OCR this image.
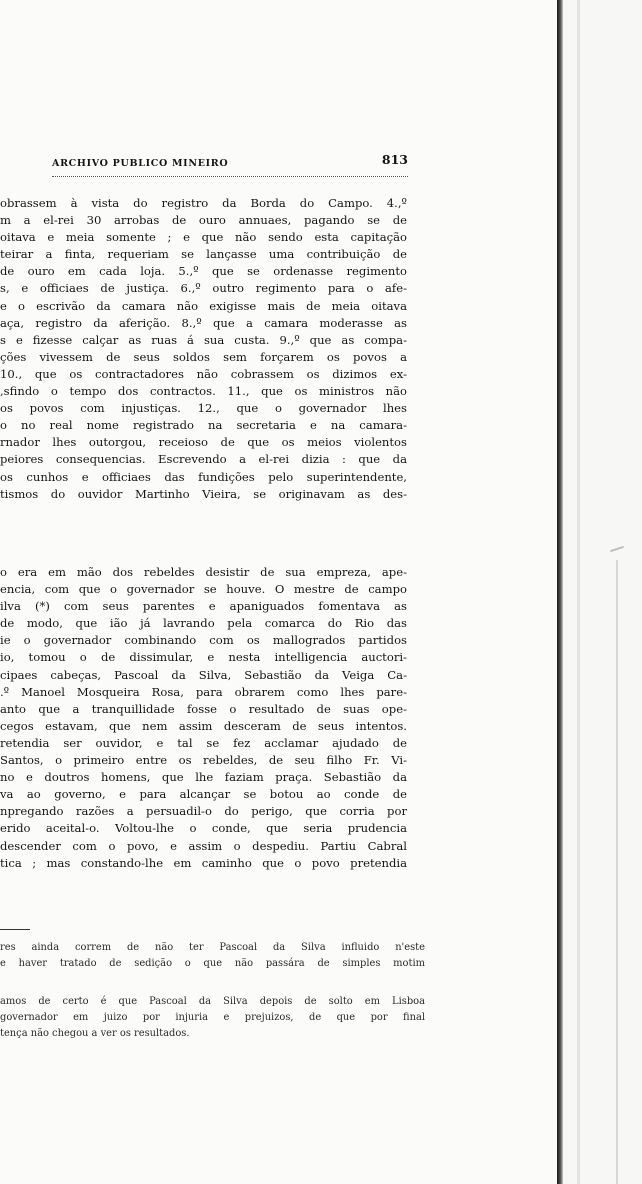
ARCHIVO PUBLICO MINEIRO	813
obrassem à vista do registro da Borda do Campo. 4.,º
m a el-rei 30 arrobas de ouro annuaes, pagando se de
oitava e meia somente ; e que não sendo esta capitação
teirar a finta, requeriam se lançasse uma contribuição de
de ouro em cada loja. 5.,º que se ordenasse regimento
s, e officiaes de justiça. 6.,º outro regimento para o afe-
e o escrivão da camara não exigisse mais de meia oitava
aça, registro da aferição. 8.,º que a camara moderasse as
s e fizesse calçar as ruas á sua custa. 9.,º que as compa-
ções vivessem de seus soldos sem forçarem os povos a
10., que os contractadores não cobrassem os dizimos ex-
,sfindo o tempo dos contractos. 11., que os ministros não
os povos com injustiças. 12., que o governador lhes
o no real nome registrado na secretaria e na camara-
rnador lhes outorgou, receioso de que os meios violentos
peiores consequencias. Escrevendo a el-rei dizia : que da
os cunhos e officiaes das fundições pelo superintendente,
tismos do ouvidor Martinho Vieira, se originavam as des-
o era em mão dos rebeldes desistir de sua empreza, ape-
encia, com que o governador se houve. O mestre de campo
ilva (*) com seus parentes e apaniguados fomentava as
de modo, que ião já lavrando pela comarca do Rio das
ie o governador combinando com os mallogrados partidos
io, tomou o de dissimular, e nesta intelligencia auctori-
cipaes cabeças, Pascoal da Silva, Sebastião da Veiga Ca-
.º Manoel Mosqueira Rosa, para obrarem como lhes pare-
anto que a tranquillidade fosse o resultado de suas ope-
cegos estavam, que nem assim desceram de seus intentos.
retendia ser ouvidor, e tal se fez acclamar ajudado de
Santos, o primeiro entre os rebeldes, de seu filho Fr. Vi-
no e doutros homens, que lhe faziam praça. Sebastião da
va ao governo, e para alcançar se botou ao conde de
npregando razões a persuadil-o do perigo, que corria por
erido aceital-o. Voltou-lhe o conde, que seria prudencia
descender com o povo, e assim o despediu. Partiu Cabral
tica ; mas constando-lhe em caminho que o povo pretendia
res ainda correm de não ter Pascoal da Silva influido n'este
e haver tratado de sedição o que não passára de simples motim
amos de certo é que Pascoal da Silva depois de solto em Lisboa
governador em juizo por injuria e prejuizos, de que por final
tença não chegou a ver os resultados.
